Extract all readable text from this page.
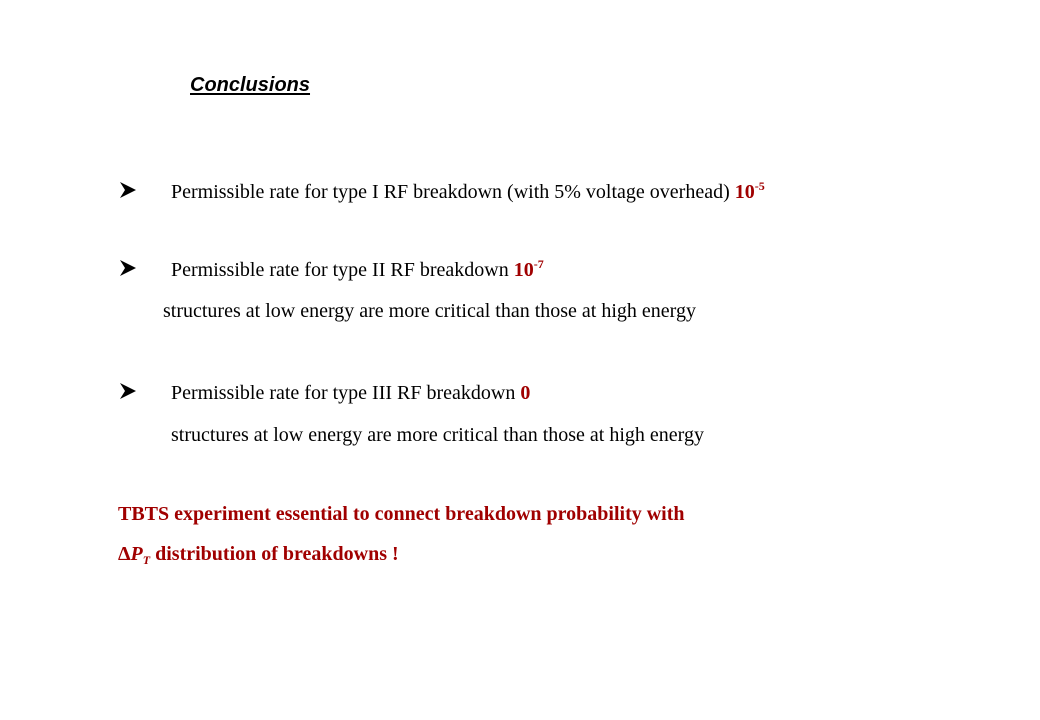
Conclusions
Permissible rate for type I RF breakdown (with 5% voltage overhead) $10^{-5}$
Permissible rate for type II RF breakdown $10^{-7}$
structures at low energy are more critical than those at high energy
Permissible rate for type III RF breakdown 0
structures at low energy are more critical than those at high energy
TBTS experiment essential to connect breakdown probability with
$\Delta P_T$ distribution of breakdowns !
